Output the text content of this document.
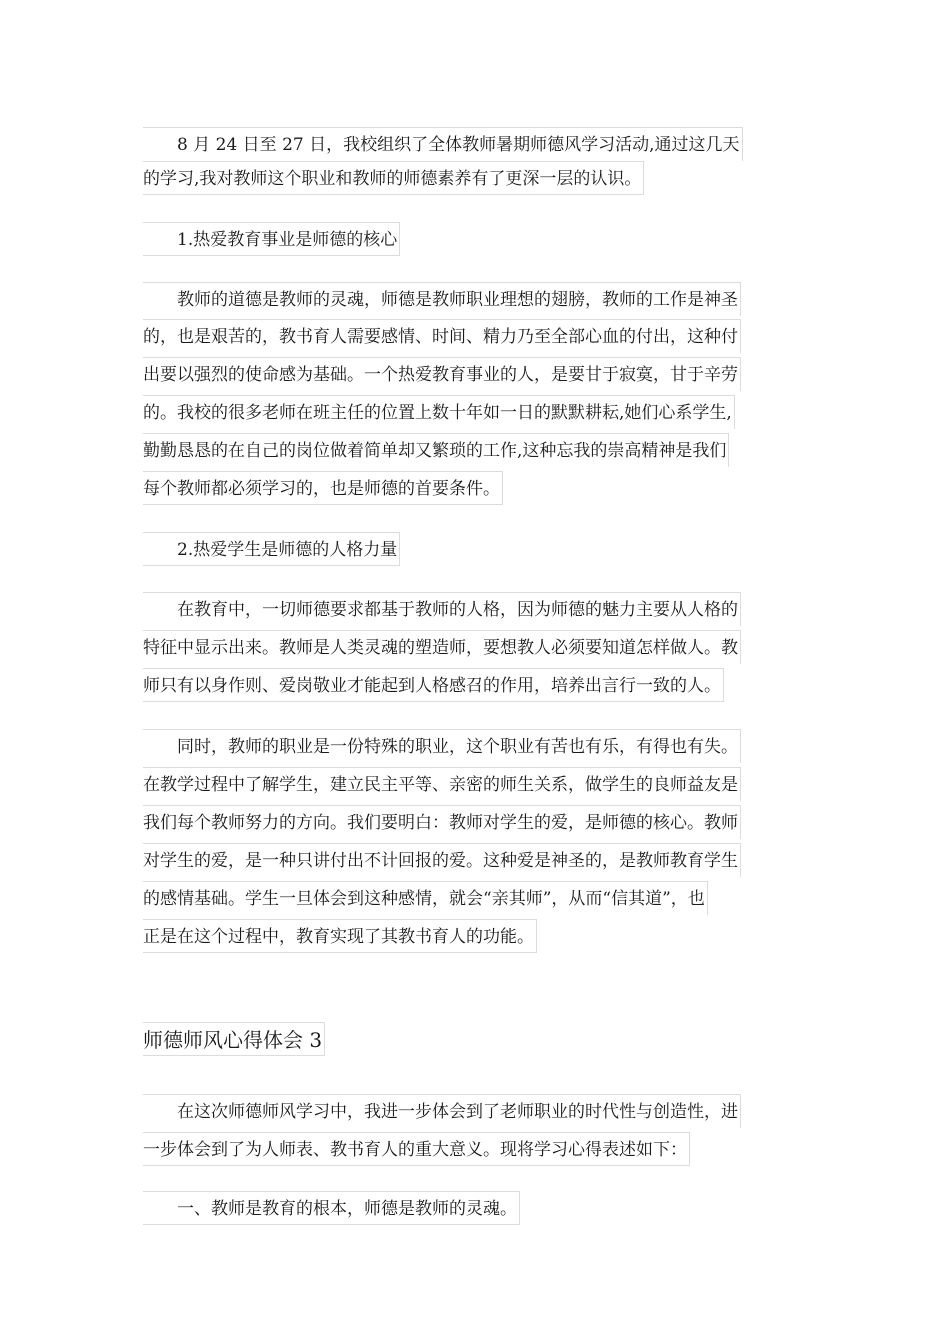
　　8 月 24 日至 27 日，我校组织了全体教师暑期师德风学习活动,通过这几天
的学习,我对教师这个职业和教师的师德素养有了更深一层的认识。
　　1.热爱教育事业是师德的核心
　　教师的道德是教师的灵魂，师德是教师职业理想的翅膀，教师的工作是神圣
的，也是艰苦的，教书育人需要感情、时间、精力乃至全部心血的付出，这种付
出要以强烈的使命感为基础。一个热爱教育事业的人，是要甘于寂寞，甘于辛劳
的。我校的很多老师在班主任的位置上数十年如一日的默默耕耘,她们心系学生,
勤勤恳恳的在自己的岗位做着简单却又繁琐的工作,这种忘我的崇高精神是我们
每个教师都必须学习的，也是师德的首要条件。
　　2.热爱学生是师德的人格力量
　　在教育中，一切师德要求都基于教师的人格，因为师德的魅力主要从人格的
特征中显示出来。教师是人类灵魂的塑造师，要想教人必须要知道怎样做人。教
师只有以身作则、爱岗敬业才能起到人格感召的作用，培养出言行一致的人。
　　同时，教师的职业是一份特殊的职业，这个职业有苦也有乐，有得也有失。
在教学过程中了解学生，建立民主平等、亲密的师生关系，做学生的良师益友是
我们每个教师努力的方向。我们要明白：教师对学生的爱，是师德的核心。教师
对学生的爱，是一种只讲付出不计回报的爱。这种爱是神圣的，是教师教育学生
的感情基础。学生一旦体会到这种感情，就会“亲其师”，从而“信其道”，也
正是在这个过程中，教育实现了其教书育人的功能。
师德师风心得体会 3
　　在这次师德师风学习中，我进一步体会到了老师职业的时代性与创造性，进
一步体会到了为人师表、教书育人的重大意义。现将学习心得表述如下：
　　一、教师是教育的根本，师德是教师的灵魂。
